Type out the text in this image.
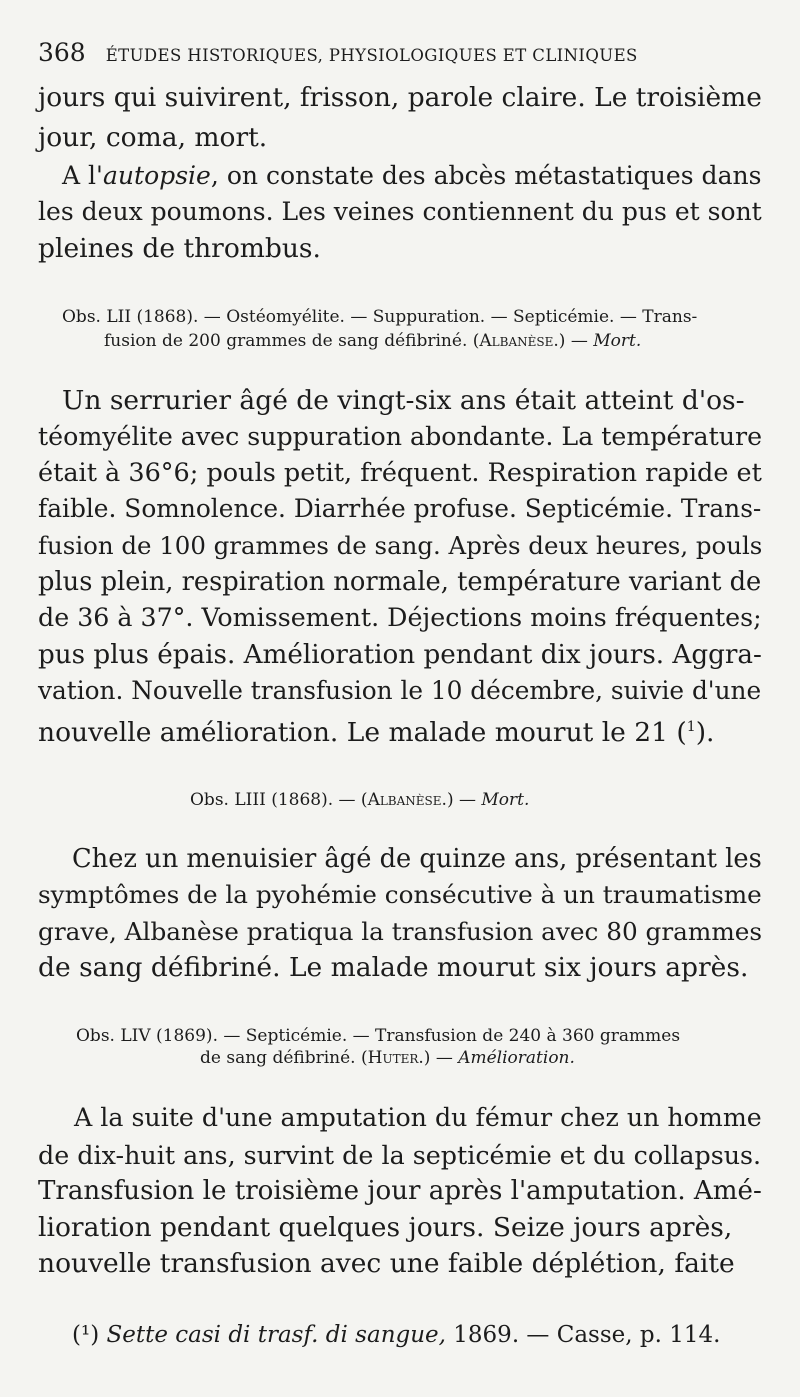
368 ÉTUDES HISTORIQUES, PHYSIOLOGIQUES ET CLINIQUES
jours qui suivirent, frisson, parole claire. Le troisième
jour, coma, mort.
A l'autopsie, on constate des abcès métastatiques dans
les deux poumons. Les veines contiennent du pus et sont
pleines de thrombus.
Obs. LII (1868). — Ostéomyélite. — Suppuration. — Septicémie. — Trans-
fusion de 200 grammes de sang défibriné. (Albanèse.) — Mort.
Un serrurier âgé de vingt-six ans était atteint d'os-
téomyélite avec suppuration abondante. La température
était à 36°6; pouls petit, fréquent. Respiration rapide et
faible. Somnolence. Diarrhée profuse. Septicémie. Trans-
fusion de 100 grammes de sang. Après deux heures, pouls
plus plein, respiration normale, température variant de
de 36 à 37°. Vomissement. Déjections moins fréquentes;
pus plus épais. Amélioration pendant dix jours. Aggra-
vation. Nouvelle transfusion le 10 décembre, suivie d'une
nouvelle amélioration. Le malade mourut le 21 ($^1$).
Obs. LIII (1868). — (Albanèse.) — Mort.
Chez un menuisier âgé de quinze ans, présentant les
symptômes de la pyohémie consécutive à un traumatisme
grave, Albanèse pratiqua la transfusion avec 80 grammes
de sang défibriné. Le malade mourut six jours après.
Obs. LIV (1869). — Septicémie. — Transfusion de 240 à 360 grammes
de sang défibriné. (Huter.) — Amélioration.
A la suite d'une amputation du fémur chez un homme
de dix-huit ans, survint de la septicémie et du collapsus.
Transfusion le troisième jour après l'amputation. Amé-
lioration pendant quelques jours. Seize jours après,
nouvelle transfusion avec une faible déplétion, faite
(¹) Sette casi di trasf. di sangue, 1869. — Casse, p. 114.
